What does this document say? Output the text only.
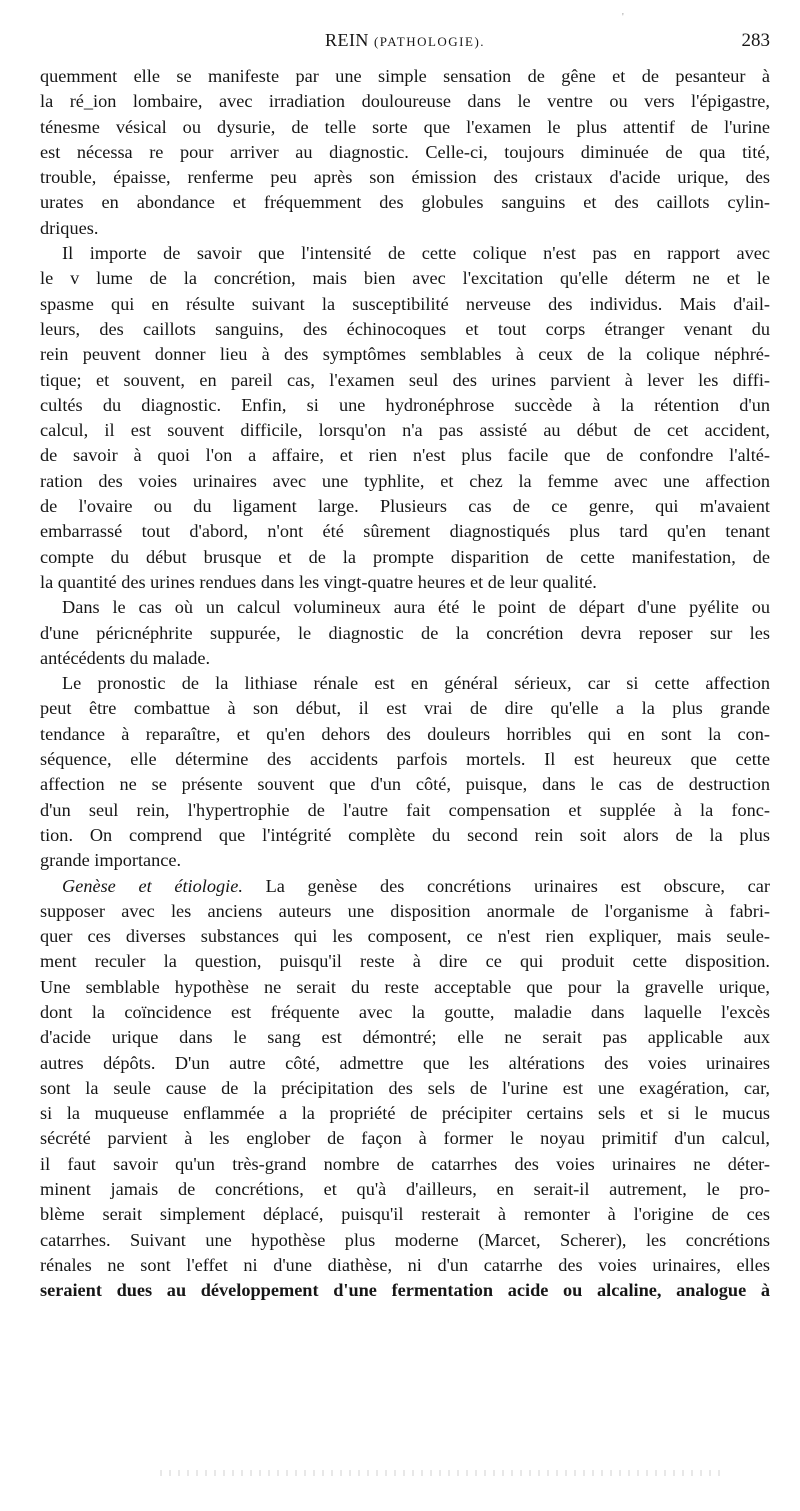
'
REIN (PATHOLOGIE).	283
quemment elle se manifeste par une simple sensation de gêne et de pesanteur à
la ré_ion lombaire, avec irradiation douloureuse dans le ventre ou vers l'épigastre,
ténesme vésical ou dysurie, de telle sorte que l'examen le plus attentif de l'urine
est nécessa re pour arriver au diagnostic. Celle-ci, toujours diminuée de qua tité,
trouble, épaisse, renferme peu après son émission des cristaux d'acide urique, des
urates en abondance et fréquemment des globules sanguins et des caillots cylin-
driques.
Il importe de savoir que l'intensité de cette colique n'est pas en rapport avec
le v lume de la concrétion, mais bien avec l'excitation qu'elle déterm ne et le
spasme qui en résulte suivant la susceptibilité nerveuse des individus. Mais d'ail-
leurs, des caillots sanguins, des échinocoques et tout corps étranger venant du
rein peuvent donner lieu à des symptômes semblables à ceux de la colique néphré-
tique; et souvent, en pareil cas, l'examen seul des urines parvient à lever les diffi-
cultés du diagnostic. Enfin, si une hydronéphrose succède à la rétention d'un
calcul, il est souvent difficile, lorsqu'on n'a pas assisté au début de cet accident,
de savoir à quoi l'on a affaire, et rien n'est plus facile que de confondre l'alté-
ration des voies urinaires avec une typhlite, et chez la femme avec une affection
de l'ovaire ou du ligament large. Plusieurs cas de ce genre, qui m'avaient
embarrassé tout d'abord, n'ont été sûrement diagnostiqués plus tard qu'en tenant
compte du début brusque et de la prompte disparition de cette manifestation, de
la quantité des urines rendues dans les vingt-quatre heures et de leur qualité.
Dans le cas où un calcul volumineux aura été le point de départ d'une pyélite ou
d'une péricnéphrite suppurée, le diagnostic de la concrétion devra reposer sur les
antécédents du malade.
Le pronostic de la lithiase rénale est en général sérieux, car si cette affection
peut être combattue à son début, il est vrai de dire qu'elle a la plus grande
tendance à reparaître, et qu'en dehors des douleurs horribles qui en sont la con-
séquence, elle détermine des accidents parfois mortels. Il est heureux que cette
affection ne se présente souvent que d'un côté, puisque, dans le cas de destruction
d'un seul rein, l'hypertrophie de l'autre fait compensation et supplée à la fonc-
tion. On comprend que l'intégrité complète du second rein soit alors de la plus
grande importance.
Genèse et étiologie. La genèse des concrétions urinaires est obscure, car
supposer avec les anciens auteurs une disposition anormale de l'organisme à fabri-
quer ces diverses substances qui les composent, ce n'est rien expliquer, mais seule-
ment reculer la question, puisqu'il reste à dire ce qui produit cette disposition.
Une semblable hypothèse ne serait du reste acceptable que pour la gravelle urique,
dont la coïncidence est fréquente avec la goutte, maladie dans laquelle l'excès
d'acide urique dans le sang est démontré; elle ne serait pas applicable aux
autres dépôts. D'un autre côté, admettre que les altérations des voies urinaires
sont la seule cause de la précipitation des sels de l'urine est une exagération, car,
si la muqueuse enflammée a la propriété de précipiter certains sels et si le mucus
sécrété parvient à les englober de façon à former le noyau primitif d'un calcul,
il faut savoir qu'un très-grand nombre de catarrhes des voies urinaires ne déter-
minent jamais de concrétions, et qu'à d'ailleurs, en serait-il autrement, le pro-
blème serait simplement déplacé, puisqu'il resterait à remonter à l'origine de ces
catarrhes. Suivant une hypothèse plus moderne (Marcet, Scherer), les concrétions
rénales ne sont l'effet ni d'une diathèse, ni d'un catarrhe des voies urinaires, elles
seraient dues au développement d'une fermentation acide ou alcaline, analogue à
